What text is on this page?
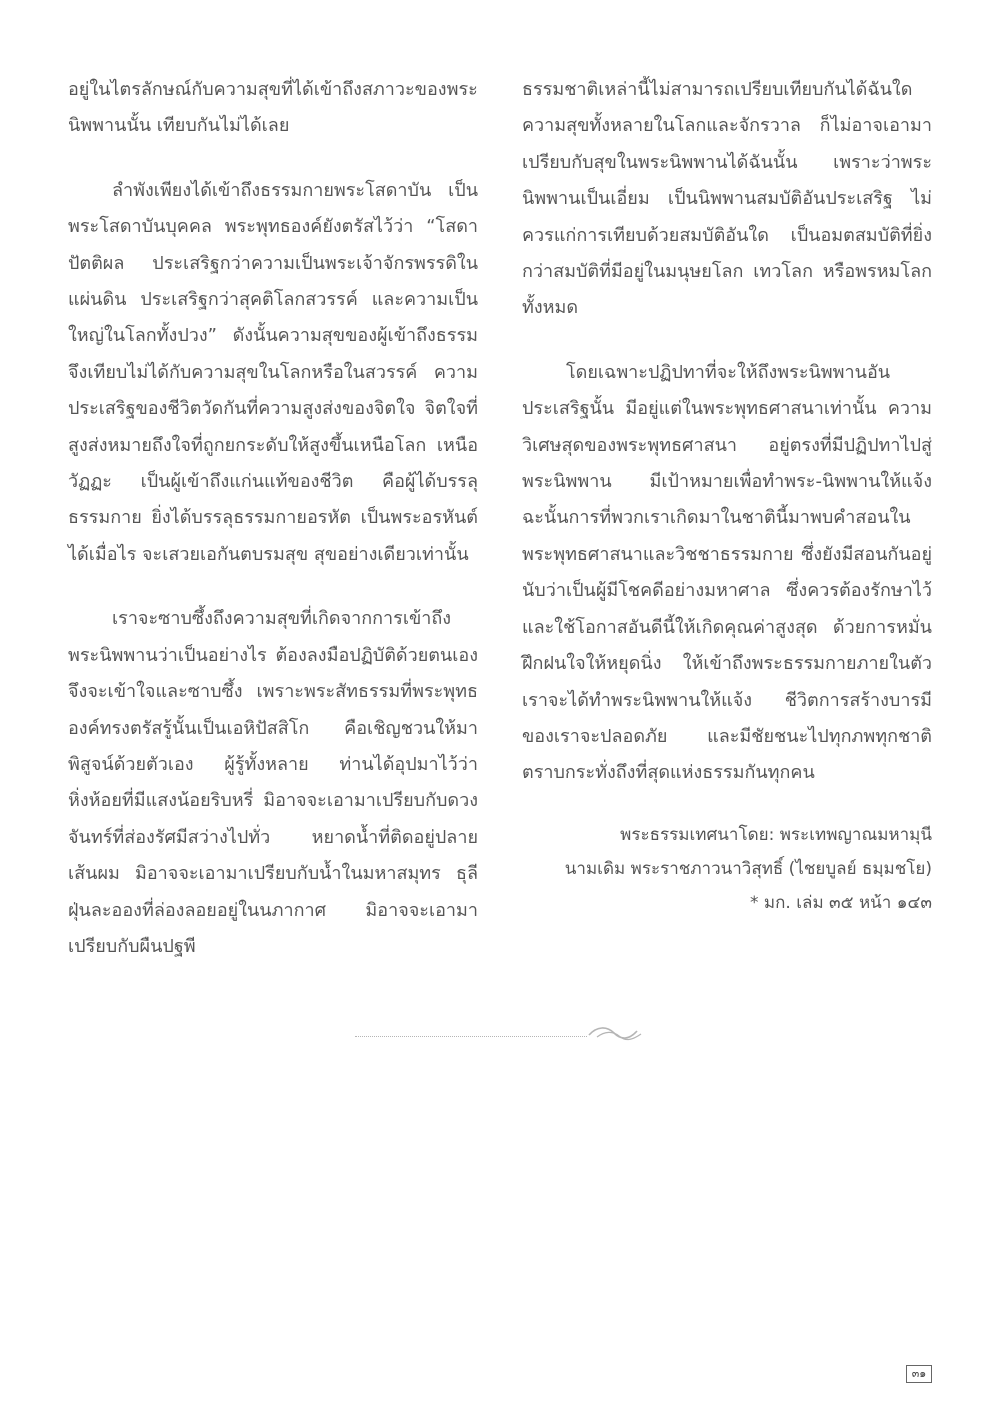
อยู่ในไตรลักษณ์กับความสุขที่ได้เข้าถึงสภาวะของพระนิพพานนั้น เทียบกันไม่ได้เลย

ลำพังเพียงได้เข้าถึงธรรมกายพระโสดาบัน เป็นพระโสดาบันบุคคล พระพุทธองค์ยังตรัสไว้ว่า “โสดาปัตติผล ประเสริฐกว่าความเป็นพระเจ้าจักรพรรดิในแผ่นดิน ประเสริฐกว่าสุคติโลกสวรรค์ และความเป็นใหญ่ในโลกทั้งปวง” ดังนั้นความสุขของผู้เข้าถึงธรรมจึงเทียบไม่ได้กับความสุขในโลกหรือในสวรรค์ ความประเสริฐของชีวิตวัดกันที่ความสูงส่งของจิตใจ จิตใจที่สูงส่งหมายถึงใจที่ถูกยกระดับให้สูงขึ้นเหนือโลก เหนือวัฏฏะ เป็นผู้เข้าถึงแก่นแท้ของชีวิต คือผู้ได้บรรลุธรรมกาย ยิ่งได้บรรลุธรรมกายอรหัต เป็นพระอรหันต์ได้เมื่อไร จะเสวยเอกันตบรมสุข สุขอย่างเดียวเท่านั้น

เราจะซาบซึ้งถึงความสุขที่เกิดจากการเข้าถึงพระนิพพานว่าเป็นอย่างไร ต้องลงมือปฏิบัติด้วยตนเองจึงจะเข้าใจและซาบซึ้ง เพราะพระสัทธรรมที่พระพุทธองค์ทรงตรัสรู้นั้นเป็นเอหิปัสสิโก คือเชิญชวนให้มาพิสูจน์ด้วยตัวเอง ผู้รู้ทั้งหลาย ท่านได้อุปมาไว้ว่า หิ่งห้อยที่มีแสงน้อยริบหรี่ มิอาจจะเอามาเปรียบกับดวงจันทร์ที่ส่องรัศมีสว่างไปทั่ว หยาดน้ำที่ติดอยู่ปลายเส้นผม มิอาจจะเอามาเปรียบกับน้ำในมหาสมุทร ธุลีฝุ่นละอองที่ล่องลอยอยู่ในนภากาศ มิอาจจะเอามาเปรียบกับผืนปฐพี

ธรรมชาติเหล่านี้ไม่สามารถเปรียบเทียบกันได้ฉันใด ความสุขทั้งหลายในโลกและจักรวาล ก็ไม่อาจเอามาเปรียบกับสุขในพระนิพพานได้ฉันนั้น เพราะว่าพระนิพพานเป็นเอี่ยม เป็นนิพพานสมบัติอันประเสริฐ ไม่ควรแก่การเทียบด้วยสมบัติอันใด เป็นอมตสมบัติที่ยิ่งกว่าสมบัติที่มีอยู่ในมนุษยโลก เทวโลก หรือพรหมโลกทั้งหมด

โดยเฉพาะปฏิปทาที่จะให้ถึงพระนิพพานอันประเสริฐนั้น มีอยู่แต่ในพระพุทธศาสนาเท่านั้น ความวิเศษสุดของพระพุทธศาสนา อยู่ตรงที่มีปฏิปทาไปสู่พระนิพพาน มีเป้าหมายเพื่อทำพระ-นิพพานให้แจ้ง ฉะนั้นการที่พวกเราเกิดมาในชาตินี้มาพบคำสอนในพระพุทธศาสนาและวิชชาธรรมกาย ซึ่งยังมีสอนกันอยู่ นับว่าเป็นผู้มีโชคดีอย่างมหาศาล ซึ่งควรต้องรักษาไว้ และใช้โอกาสอันดีนี้ให้เกิดคุณค่าสูงสุด ด้วยการหมั่นฝึกฝนใจให้หยุดนิ่ง ให้เข้าถึงพระธรรมกายภายในตัว เราจะได้ทำพระนิพพานให้แจ้ง ชีวิตการสร้างบารมีของเราจะปลอดภัย และมีชัยชนะไปทุกภพทุกชาติ ตราบกระทั่งถึงที่สุดแห่งธรรมกันทุกคน

พระธรรมเทศนาโดย: พระเทพญาณมหามุนี
นามเดิม พระราชภาวนาวิสุทธิ์ (ไชยบูลย์ ธมฺมชโย)
* มก. เล่ม ๓๕ หน้า ๑๔๓
๓๑
